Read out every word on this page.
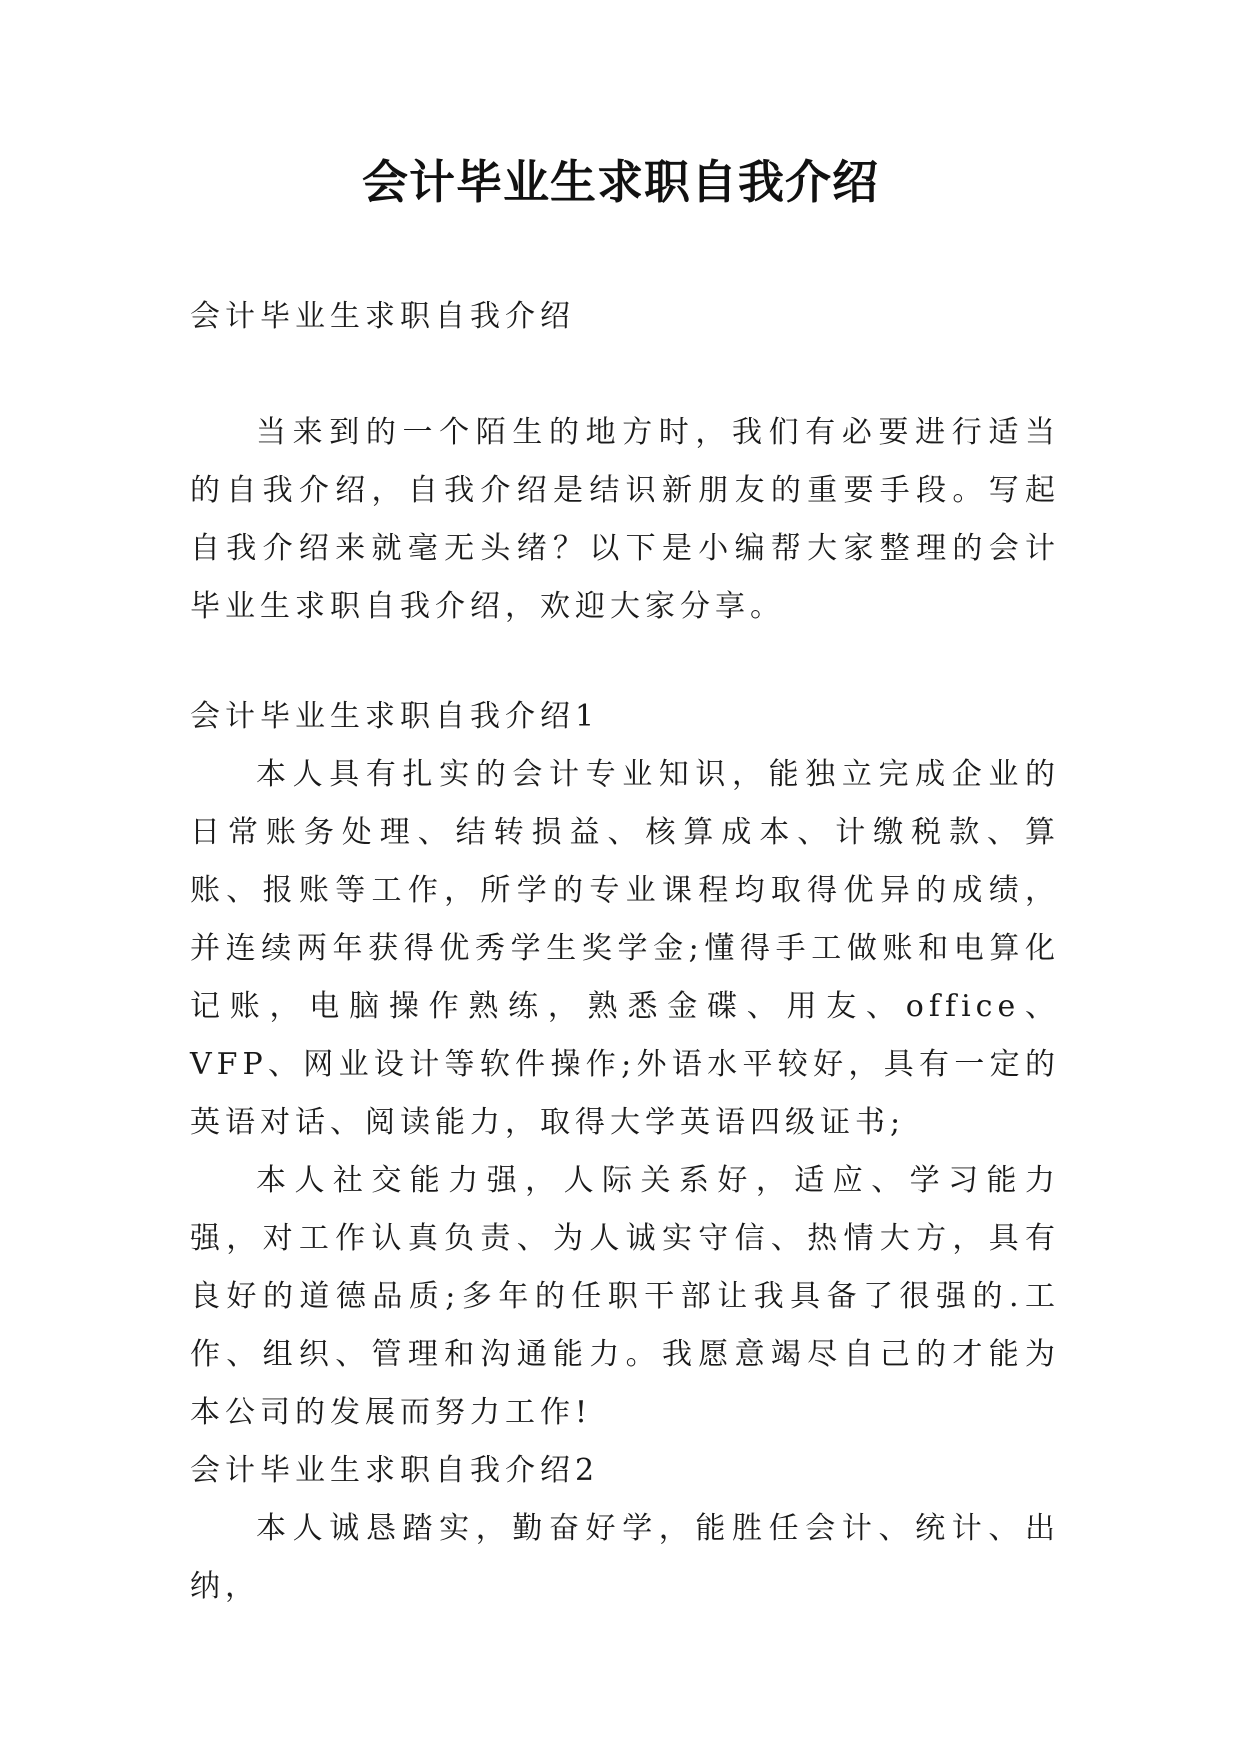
会计毕业生求职自我介绍

会计毕业生求职自我介绍

当来到的一个陌生的地方时，我们有必要进行适当的自我介绍，自我介绍是结识新朋友的重要手段。写起自我介绍来就毫无头绪？以下是小编帮大家整理的会计毕业生求职自我介绍，欢迎大家分享。

会计毕业生求职自我介绍1

本人具有扎实的会计专业知识，能独立完成企业的日常账务处理、结转损益、核算成本、计缴税款、算账、报账等工作，所学的专业课程均取得优异的成绩，并连续两年获得优秀学生奖学金;懂得手工做账和电算化记账，电脑操作熟练，熟悉金碟、用友、office、VFP、网业设计等软件操作;外语水平较好，具有一定的英语对话、阅读能力，取得大学英语四级证书;

本人社交能力强，人际关系好，适应、学习能力强，对工作认真负责、为人诚实守信、热情大方，具有良好的道德品质;多年的任职干部让我具备了很强的.工作、组织、管理和沟通能力。我愿意竭尽自己的才能为本公司的发展而努力工作!

会计毕业生求职自我介绍2

本人诚恳踏实，勤奋好学，能胜任会计、统计、出纳，
